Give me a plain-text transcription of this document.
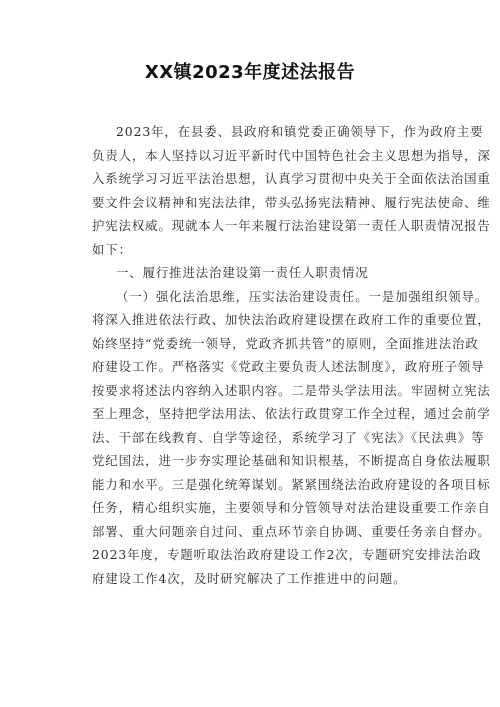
XX镇2023年度述法报告
2023年，在县委、县政府和镇党委正确领导下，作为政府主要
负责人，本人坚持以习近平新时代中国特色社会主义思想为指导，深
入系统学习习近平法治思想，认真学习贯彻中央关于全面依法治国重
要文件会议精神和宪法法律，带头弘扬宪法精神、履行宪法使命、维
护宪法权威。现就本人一年来履行法治建设第一责任人职责情况报告
如下：
一、履行推进法治建设第一责任人职责情况
（一）强化法治思维，压实法治建设责任。一是加强组织领导。
将深入推进依法行政、加快法治政府建设摆在政府工作的重要位置，
始终坚持“党委统一领导，党政齐抓共管”的原则，全面推进法治政
府建设工作。严格落实《党政主要负责人述法制度》，政府班子领导
按要求将述法内容纳入述职内容。二是带头学法用法。牢固树立宪法
至上理念，坚持把学法用法、依法行政贯穿工作全过程，通过会前学
法、干部在线教育、自学等途径，系统学习了《宪法》《民法典》等
党纪国法，进一步夯实理论基础和知识根基，不断提高自身依法履职
能力和水平。三是强化统筹谋划。紧紧围绕法治政府建设的各项目标
任务，精心组织实施，主要领导和分管领导对法治建设重要工作亲自
部署、重大问题亲自过问、重点环节亲自协调、重要任务亲自督办。
2023年度，专题听取法治政府建设工作2次，专题研究安排法治政
府建设工作4次，及时研究解决了工作推进中的问题。
